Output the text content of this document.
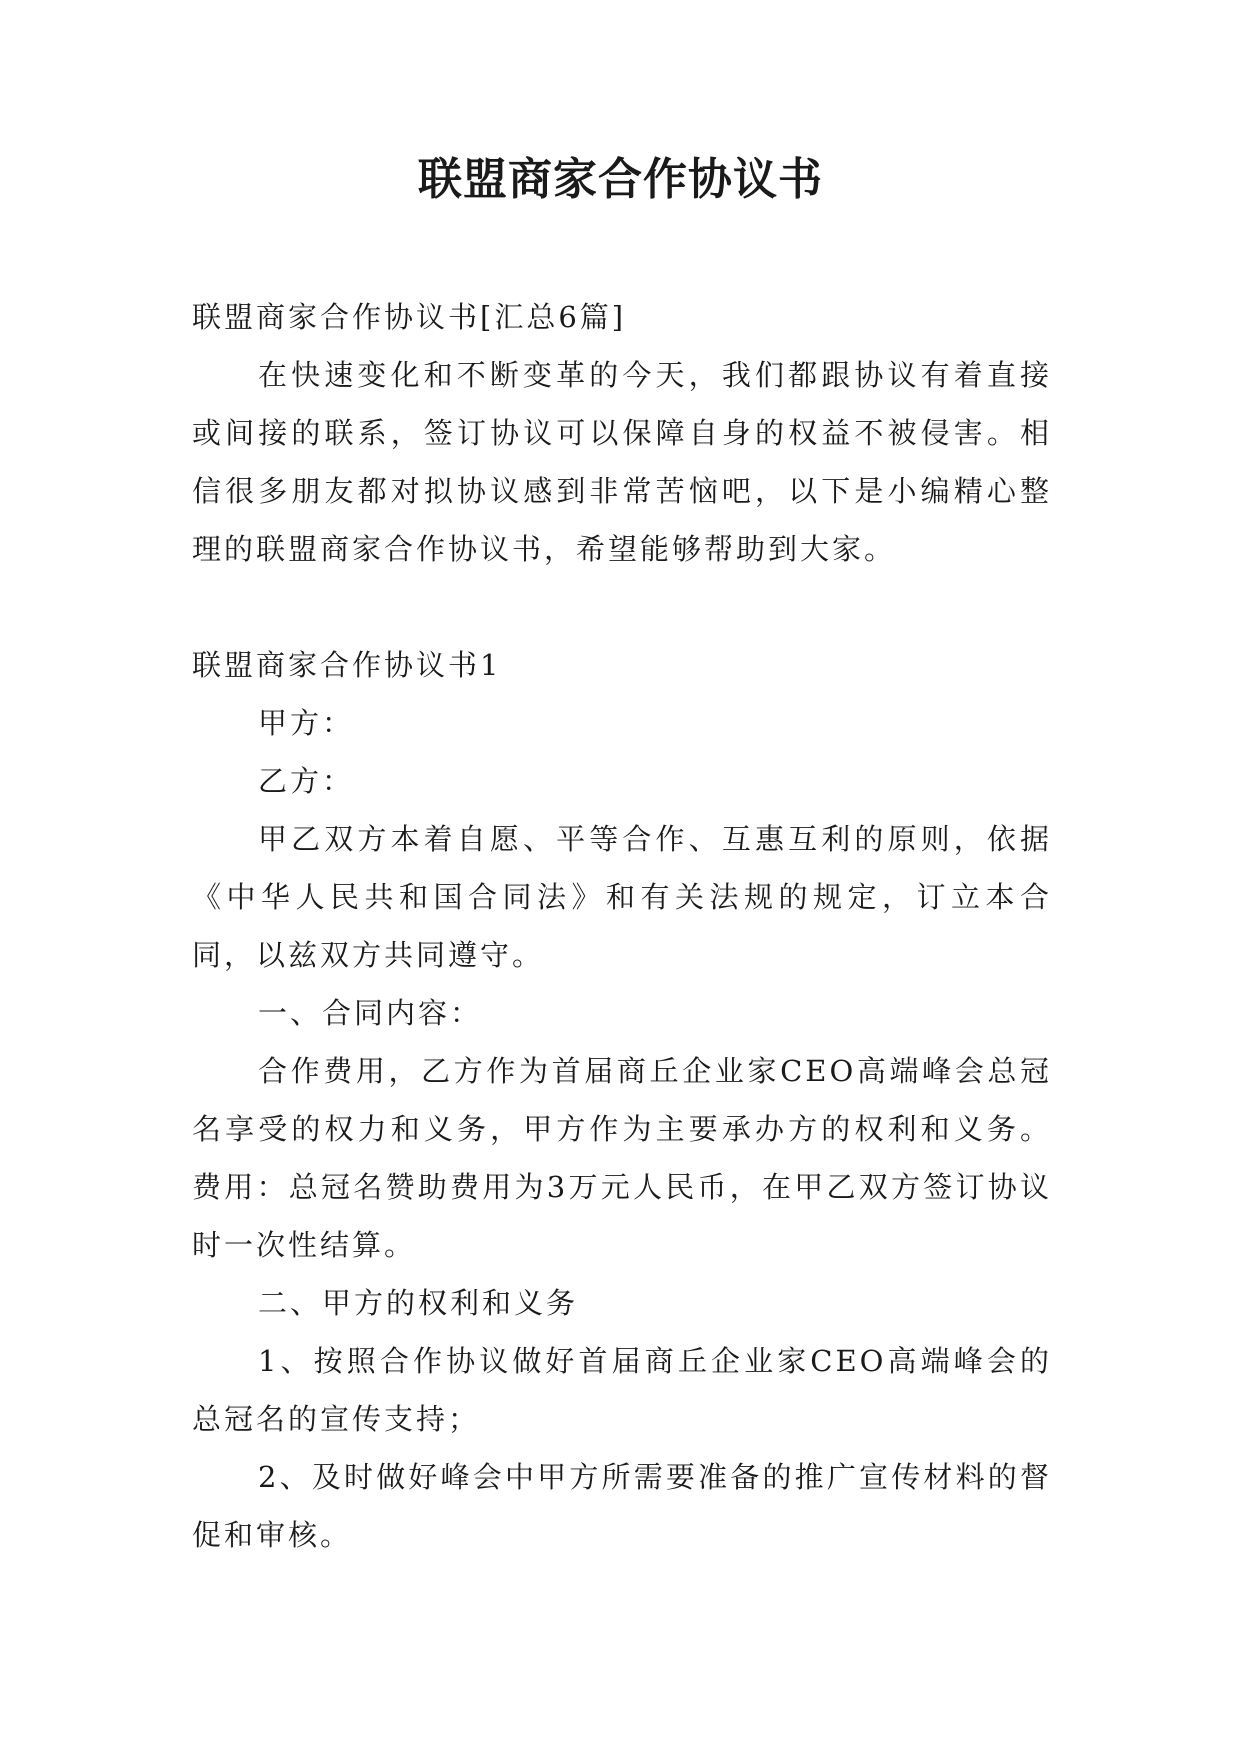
联盟商家合作协议书

联盟商家合作协议书[汇总6篇]

在快速变化和不断变革的今天，我们都跟协议有着直接或间接的联系，签订协议可以保障自身的权益不被侵害。相信很多朋友都对拟协议感到非常苦恼吧，以下是小编精心整理的联盟商家合作协议书，希望能够帮助到大家。

联盟商家合作协议书1

甲方：

乙方：

甲乙双方本着自愿、平等合作、互惠互利的原则，依据《中华人民共和国合同法》和有关法规的规定，订立本合同，以兹双方共同遵守。

一、合同内容：

合作费用，乙方作为首届商丘企业家CEO高端峰会总冠名享受的权力和义务，甲方作为主要承办方的权利和义务。费用：总冠名赞助费用为3万元人民币，在甲乙双方签订协议时一次性结算。

二、甲方的权利和义务

1、按照合作协议做好首届商丘企业家CEO高端峰会的总冠名的宣传支持；

2、及时做好峰会中甲方所需要准备的推广宣传材料的督促和审核。
